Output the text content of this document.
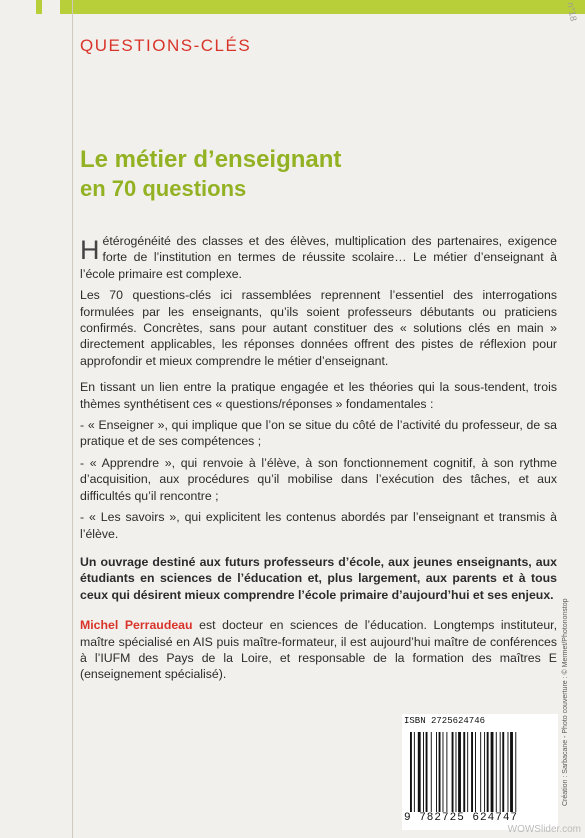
QUESTIONS-CLÉS
n°18
Le métier d’enseignant
en 70 questions

Hétérogénéité des classes et des élèves, multiplication des partenaires, exigence forte de l’institution en termes de réussite scolaire… Le métier d’enseignant à l’école primaire est complexe.

Les 70 questions-clés ici rassemblées reprennent l’essentiel des interrogations formulées par les enseignants, qu’ils soient professeurs débutants ou praticiens confirmés. Concrètes, sans pour autant constituer des « solutions clés en main » directement applicables, les réponses données offrent des pistes de réflexion pour approfondir et mieux comprendre le métier d’enseignant.

En tissant un lien entre la pratique engagée et les théories qui la sous-tendent, trois thèmes synthétisent ces « questions/réponses » fondamentales :

- « Enseigner », qui implique que l’on se situe du côté de l’activité du professeur, de sa pratique et de ses compétences ;

- « Apprendre », qui renvoie à l’élève, à son fonctionnement cognitif, à son rythme d’acquisition, aux procédures qu’il mobilise dans l’exécution des tâches, et aux difficultés qu’il rencontre ;

- « Les savoirs », qui explicitent les contenus abordés par l’enseignant et transmis à l’élève.

Un ouvrage destiné aux futurs professeurs d’école, aux jeunes enseignants, aux étudiants en sciences de l’éducation et, plus largement, aux parents et à tous ceux qui désirent mieux comprendre l’école primaire d’aujourd’hui et ses enjeux.

Michel Perraudeau est docteur en sciences de l’éducation. Longtemps instituteur, maître spécialisé en AIS puis maître-formateur, il est aujourd’hui maître de conférences à l’IUFM des Pays de la Loire, et responsable de la formation des maîtres E (enseignement spécialisé).

ISBN 2725624746
9 782725 624747
Création : Sarbacane - Photo couverture : © Mermet/Photononstop
WOWSlider.com
